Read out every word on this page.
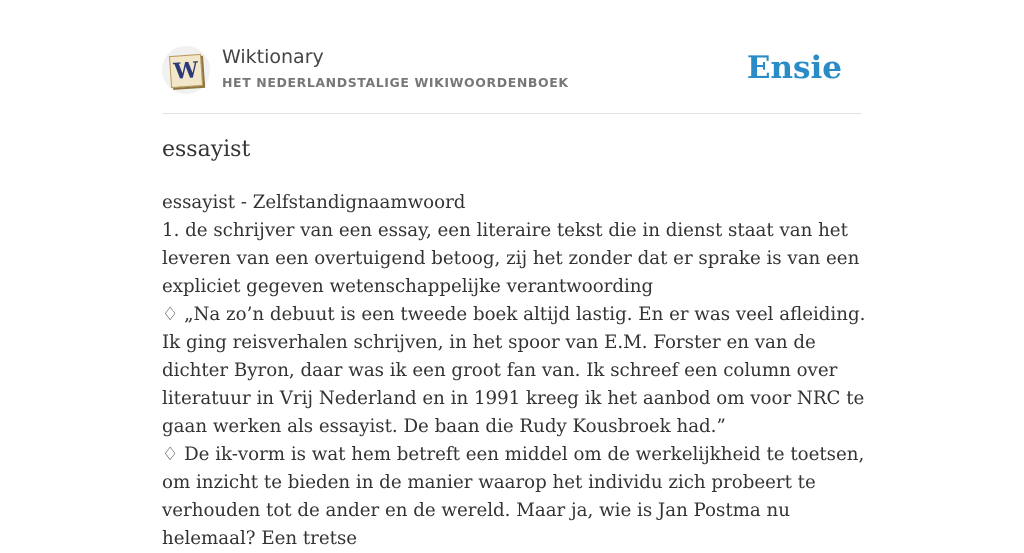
W
Wiktionary
HET NEDERLANDSTALIGE WIKIWOORDENBOEK	Ensie
essayist

essayist - Zelfstandignaamwoord

1. de schrijver van een essay, een literaire tekst die in dienst staat van het leveren van een overtuigend betoog, zij het zonder dat er sprake is van een expliciet gegeven wetenschappelijke verantwoording

♢ „Na zo’n debuut is een tweede boek altijd lastig. En er was veel afleiding. Ik ging reisverhalen schrijven, in het spoor van E.M. Forster en van de dichter Byron, daar was ik een groot fan van. Ik schreef een column over literatuur in Vrij Nederland en in 1991 kreeg ik het aanbod om voor NRC te gaan werken als essayist. De baan die Rudy Kousbroek had.”

♢ De ik-vorm is wat hem betreft een middel om de werkelijkheid te toetsen, om inzicht te bieden in de manier waarop het individu zich probeert te verhouden tot de ander en de wereld. Maar ja, wie is Jan Postma nu helemaal? Een tretse
